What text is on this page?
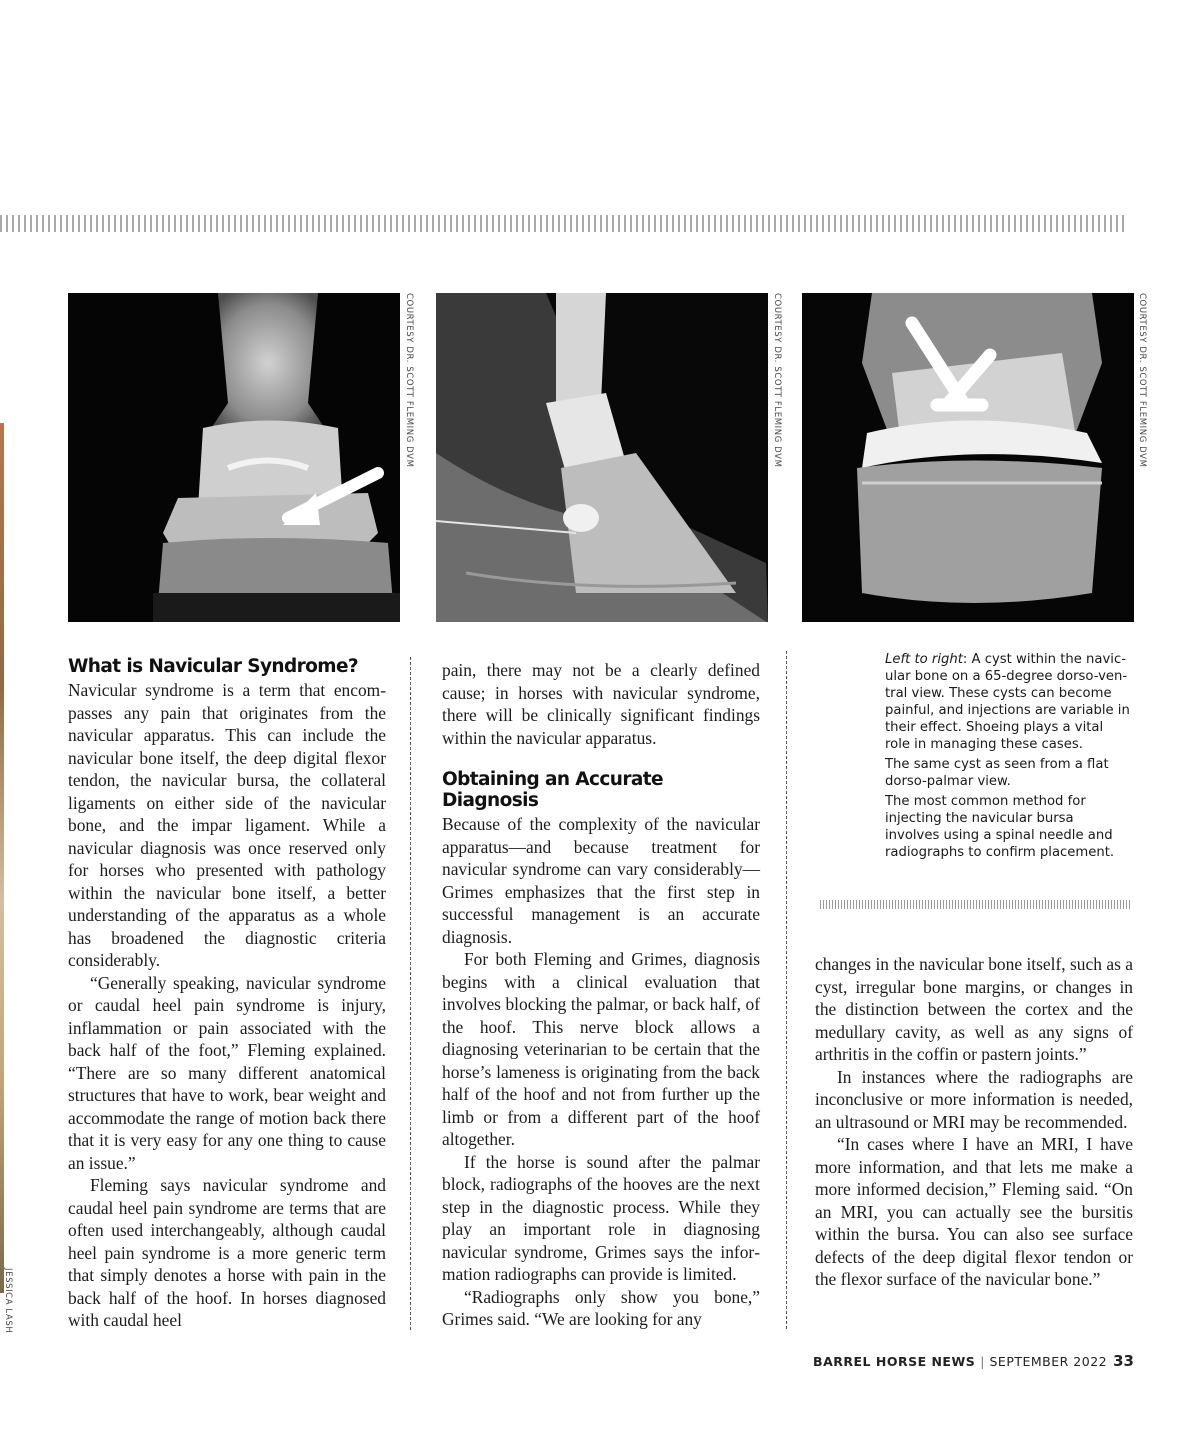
COURTESY DR. SCOTT FLEMING DVM	COURTESY DR. SCOTT FLEMING DVM	COURTESY DR. SCOTT FLEMING DVM
JESSICA LASH
What is Navicular Syndrome?

Navicular syndrome is a term that encompasses any pain that originates from the navicular apparatus. This can include the navicular bone itself, the deep digital flexor tendon, the navicular bursa, the collateral ligaments on either side of the navicular bone, and the impar ligament. While a navicular diagnosis was once reserved only for horses who presented with pathology within the navicular bone itself, a better understanding of the apparatus as a whole has broadened the diagnostic criteria considerably.

“Generally speaking, navicular syndrome or caudal heel pain syndrome is injury, inflammation or pain associated with the back half of the foot,” Fleming explained. “There are so many different anatomical structures that have to work, bear weight and accommodate the range of motion back there that it is very easy for any one thing to cause an issue.”

Fleming says navicular syndrome and caudal heel pain syndrome are terms that are often used interchangeably, although caudal heel pain syndrome is a more generic term that simply denotes a horse with pain in the back half of the hoof. In horses diagnosed with caudal heel

pain, there may not be a clearly defined cause; in horses with navicular syndrome, there will be clinically significant findings within the navicular apparatus.

Obtaining an Accurate Diagnosis

Because of the complexity of the navicular apparatus—and because treatment for navicular syndrome can vary considerably—Grimes emphasizes that the first step in successful management is an accurate diagnosis.

For both Fleming and Grimes, diagnosis begins with a clinical evaluation that involves blocking the palmar, or back half, of the hoof. This nerve block allows a diagnosing veterinarian to be certain that the horse’s lameness is originating from the back half of the hoof and not from further up the limb or from a different part of the hoof altogether.

If the horse is sound after the palmar block, radiographs of the hooves are the next step in the diagnostic process. While they play an important role in diagnosing navicular syndrome, Grimes says the information radiographs can provide is limited.

“Radiographs only show you bone,” Grimes said. “We are looking for any

Left to right: A cyst within the navicular bone on a 65-degree dorso-ventral view. These cysts can become painful, and injections are variable in their effect. Shoeing plays a vital role in managing these cases.

The same cyst as seen from a flat dorso-palmar view.

The most common method for injecting the navicular bursa involves using a spinal needle and radiographs to confirm placement.

changes in the navicular bone itself, such as a cyst, irregular bone margins, or changes in the distinction between the cortex and the medullary cavity, as well as any signs of arthritis in the coffin or pastern joints.”

In instances where the radiographs are inconclusive or more information is needed, an ultrasound or MRI may be recommended.

“In cases where I have an MRI, I have more information, and that lets me make a more informed decision,” Fleming said. “On an MRI, you can actually see the bursitis within the bursa. You can also see surface defects of the deep digital flexor tendon or the flexor surface of the navicular bone.”

BARREL HORSE NEWS | SEPTEMBER 2022 33
